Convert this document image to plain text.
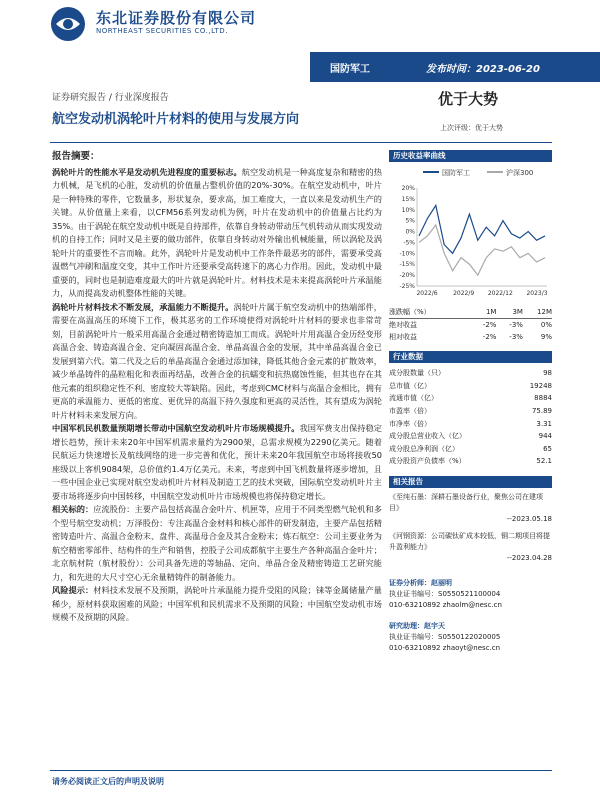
东北证券股份有限公司
NORTHEAST SECURITIES CO.,LTD.
国防军工	发布时间：2023-06-20
证券研究报告 / 行业深度报告	优于大势
航空发动机涡轮叶片材料的使用与发展方向
上次评级：优于大势
报告摘要：

涡轮叶片的性能水平是发动机先进程度的重要标志。航空发动机是一种高度复杂和精密的热力机械，是飞机的心脏，发动机的价值量占整机价值的20%-30%。在航空发动机中，叶片是一种特殊的零件，它数量多，形状复杂，要求高，加工难度大，一直以来是发动机生产的关键。从价值量上来看，以CFM56系列发动机为例，叶片在发动机中的价值量占比约为35%。由于涡轮在航空发动机中既是自持部件，依靠自身转动带动压气机转动从而实现发动机的自持工作；同时又是主要的做功部件，依靠自身转动对外输出机械能量，所以涡轮及涡轮叶片的重要性不言而喻。此外，涡轮叶片是发动机中工作条件最恶劣的部件，需要承受高温燃气冲刷和温度交变，其中工作叶片还要承受高转速下的离心力作用。因此，发动机中最重要的，同时也是制造难度最大的叶片就是涡轮叶片。材料技术是未来提高涡轮叶片承温能力，从而提高发动机整体性能的关键。

涡轮叶片材料技术不断发展，承温能力不断提升。涡轮叶片属于航空发动机中的热端部件，需要在高温高压的环境下工作，极其恶劣的工作环境使得对涡轮叶片材料的要求也非常苛刻，目前涡轮叶片一般采用高温合金通过精密铸造加工而成。涡轮叶片用高温合金历经变形高温合金、铸造高温合金、定向凝固高温合金、单晶高温合金的发展，其中单晶高温合金已发展到第六代。第二代及之后的单晶高温合金通过添加铼，降低其他合金元素的扩散效率，减少单晶铸件的晶粒粗化和表面再结晶，改善合金的抗蠕变和抗热腐蚀性能，但其也存在其他元素的组织稳定性不利、密度较大等缺陷。因此，考虑到CMC材料与高温合金相比，拥有更高的承温能力、更低的密度、更优异的高温下持久强度和更高的灵活性，其有望成为涡轮叶片材料未来发展方向。

中国军机民机数量预期增长带动中国航空发动机叶片市场规模提升。我国军费支出保持稳定增长趋势，预计未来20年中国军机需求量约为2900架，总需求规模为2290亿美元。随着民航运力快速增长及航线网络的进一步完善和优化，预计未来20年我国航空市场将接收50座级以上客机9084架，总价值约1.4万亿美元。未来，考虑到中国飞机数量将逐步增加，且一些中国企业已实现对航空发动机叶片材料及制造工艺的技术突破，国际航空发动机叶片主要市场将逐步向中国转移，中国航空发动机叶片市场规模也将保持稳定增长。

相关标的：应流股份：主要产品包括高温合金叶片、机匣等，应用于不同类型燃气轮机和多个型号航空发动机；万泽股份：专注高温合金材料和核心部件的研发制造，主要产品包括精密铸造叶片、高温合金粉末、盘件、高温母合金及其合金粉末；炼石航空：公司主要业务为航空精密零部件、结构件的生产和销售，控股子公司成都航宇主要生产各种高温合金叶片；北京航材院（航材股份）：公司具备先进的等轴晶、定向、单晶合金及精密铸造工艺研究能力，和先进的大尺寸空心无余量精铸件的制备能力。

风险提示：材料技术发展不及预期，涡轮叶片承温能力提升受阻的风险；铼等金属储量产量稀少，原材料获取困难的风险；中国军机和民机需求不及预期的风险；中国航空发动机市场规模不及预期的风险。

历史收益率曲线
国防军工	沪深300
20%
15%
10%
5%
0%
-5%
-10%
-15%
-20%
-25%
2022/6	2022/9 2022/12 2023/3
涨跌幅（%）	1M	3M	12M
绝对收益	-2%	-3%	0%
相对收益	-2%	-3%	9%
行业数据
成分股数量（只）	98
总市值（亿）	19248
流通市值（亿）	8884
市盈率（倍）	75.89
市净率（倍）	3.31
成分股总营业收入（亿）	944
成分股总净利润（亿）	65
成分股资产负债率（%）	52.1
相关报告
《至纯石墨：深耕石墨设备行业，聚焦公司在建项目》
--2023.05.18
《河钢资源：公司碳钛矿成本较低，铜二期项目将提升盈利能力》
--2023.04.28
证券分析师：赵丽明
执业证书编号：S0550521100004
010-63210892 zhaolm@nesc.cn
研究助理：赵宇天
执业证书编号：S0550122020005
010-63210892 zhaoyt@nesc.cn
请务必阅读正文后的声明及说明
